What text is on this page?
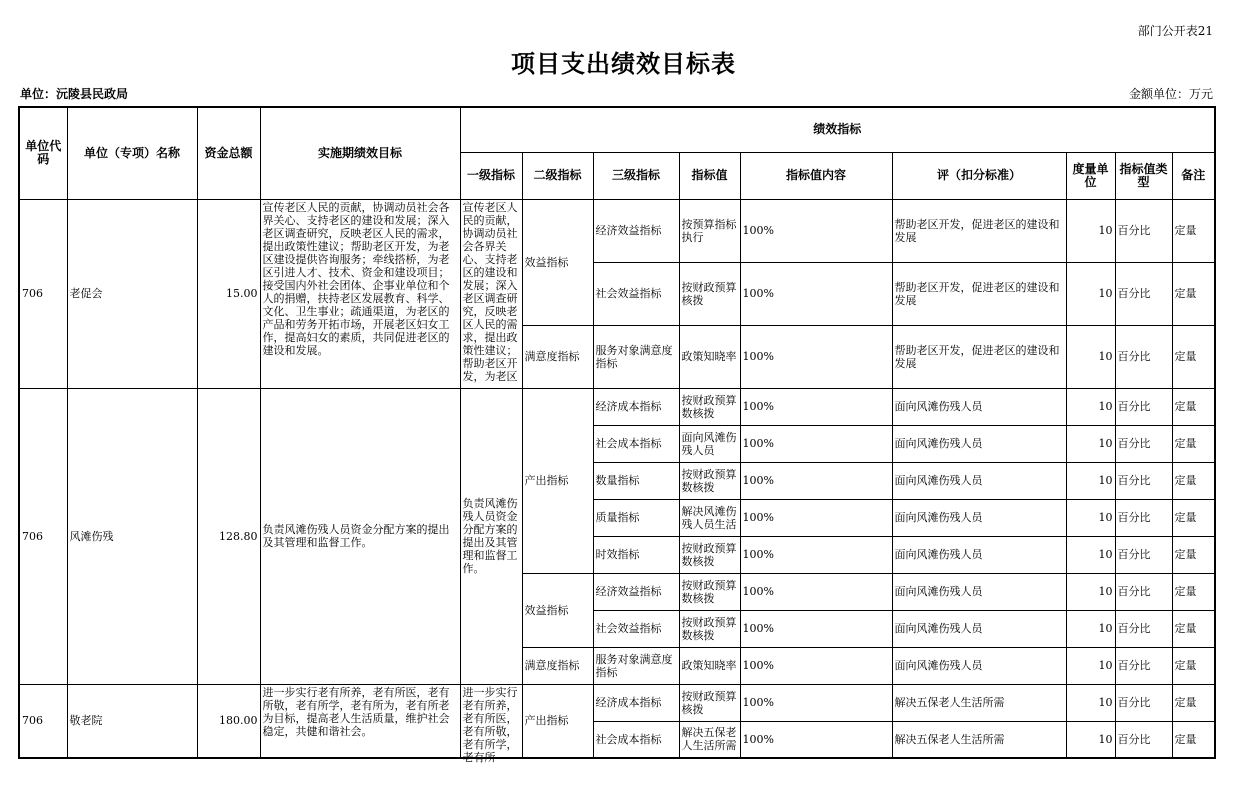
部门公开表21
项目支出绩效目标表
单位：沅陵县民政局	金额单位：万元
单位代码	单位（专项）名称	资金总额	实施期绩效目标	绩效指标								
				一级指标	二级指标	三级指标	指标值	指标值内容	评（扣分标准）	度量单位	指标值类型	备注
706	老促会	15.00	宣传老区人民的贡献，协调动员社会各界关心、支持老区的建设和发展；深入老区调查研究，反映老区人民的需求，提出政策性建议；帮助老区开发，为老区建设提供咨询服务；牵线搭桥，为老区引进人才、技术、资金和建设项目；接受国内外社会团体、企事业单位和个人的捐赠，扶持老区发展教育、科学、文化、卫生事业；疏通渠道，为老区的产品和劳务开拓市场，开展老区妇女工作，提高妇女的素质，共同促进老区的建设和发展。	宣传老区人民的贡献，协调动员社会各界关心、支持老区的建设和发展；深入老区调查研究，反映老区人民的需求，提出政策性建议；帮助老区开发，为老区	效益指标	经济效益指标	按预算指标执行	100%	帮助老区开发，促进老区的建设和发展	10	百分比	定量
						社会效益指标	按财政预算核拨	100%	帮助老区开发，促进老区的建设和发展	10	百分比	定量
					满意度指标	服务对象满意度指标	政策知晓率	100%	帮助老区开发，促进老区的建设和发展	10	百分比	定量
706	风滩伤残	128.80	负责风滩伤残人员资金分配方案的提出及其管理和监督工作。	负责风滩伤残人员资金分配方案的提出及其管理和监督工作。	产出指标	经济成本指标	按财政预算数核拨	100%	面向风滩伤残人员	10	百分比	定量
						社会成本指标	面向风滩伤残人员	100%	面向风滩伤残人员	10	百分比	定量
						数量指标	按财政预算数核拨	100%	面向风滩伤残人员	10	百分比	定量
						质量指标	解决风滩伤残人员生活	100%	面向风滩伤残人员	10	百分比	定量
						时效指标	按财政预算数核拨	100%	面向风滩伤残人员	10	百分比	定量
					效益指标	经济效益指标	按财政预算数核拨	100%	面向风滩伤残人员	10	百分比	定量
						社会效益指标	按财政预算数核拨	100%	面向风滩伤残人员	10	百分比	定量
					满意度指标	服务对象满意度指标	政策知晓率	100%	面向风滩伤残人员	10	百分比	定量
706	敬老院	180.00	进一步实行老有所养，老有所医，老有所敬，老有所学，老有所为，老有所老为目标，提高老人生活质量，维护社会稳定，共健和谐社会。	进一步实行老有所养，老有所医，老有所敬，老有所学，老有所	产出指标	经济成本指标	按财政预算核拨	100%	解决五保老人生活所需	10	百分比	定量
						社会成本指标	解决五保老人生活所需	100%	解决五保老人生活所需	10	百分比	定量
